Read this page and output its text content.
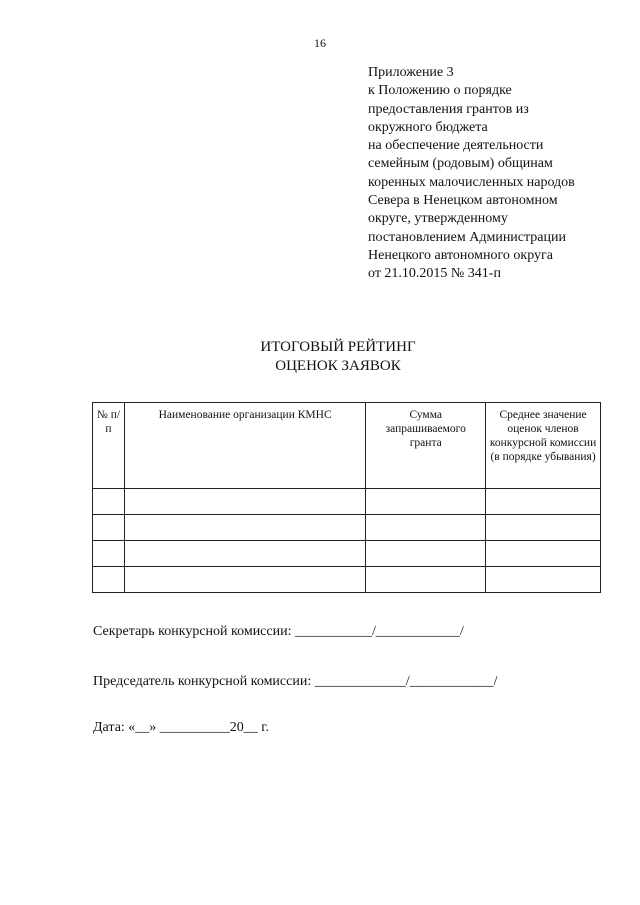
16
Приложение 3
к Положению о порядке
предоставления грантов из
окружного бюджета
на обеспечение деятельности
семейным (родовым) общинам
коренных малочисленных народов
Севера в Ненецком автономном
округе, утвержденному
постановлением Администрации
Ненецкого автономного округа
от 21.10.2015 № 341-п
ИТОГОВЫЙ РЕЙТИНГ
ОЦЕНОК ЗАЯВОК
№ п/п	Наименование организации КМНС	Сумма запрашиваемого гранта	Среднее значение оценок членов конкурсной комиссии (в порядке убывания)

Секретарь конкурсной комиссии: ___________/____________/
Председатель конкурсной комиссии: _____________/____________/
Дата: «__» __________20__ г.
